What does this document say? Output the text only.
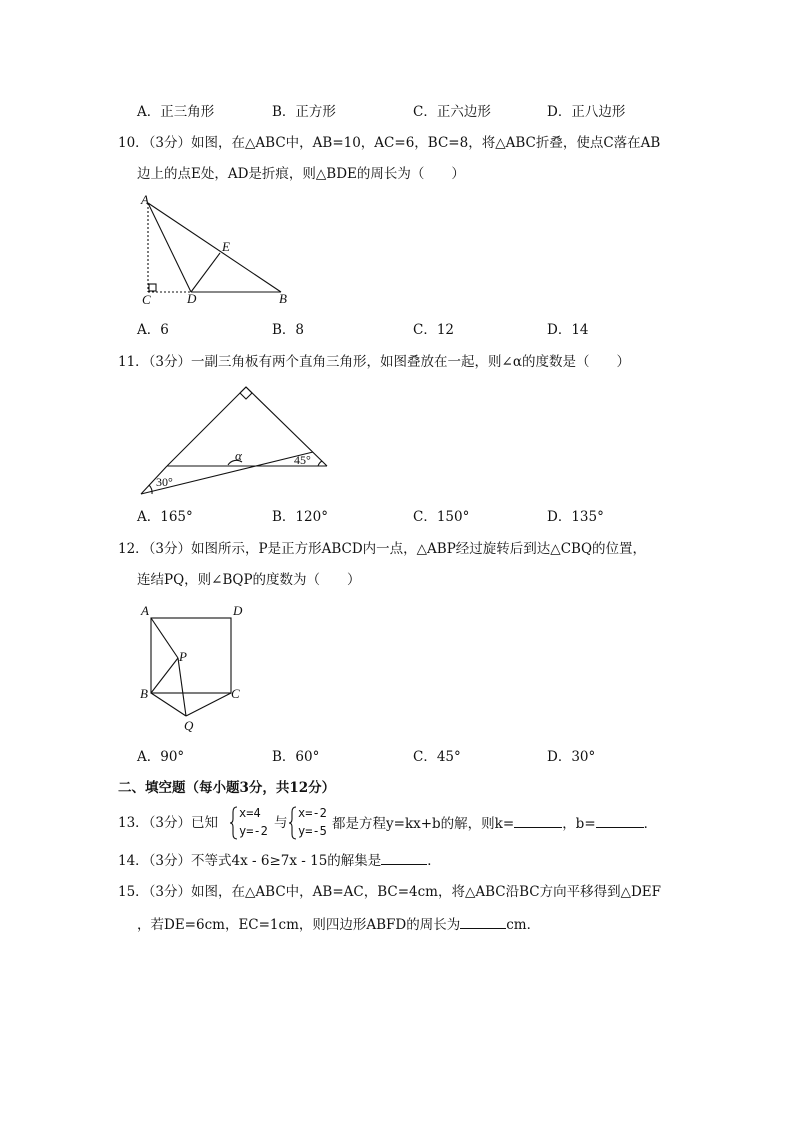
A．正三角形	B．正方形	C．正六边形	D．正八边形
10．（3分）如图，在△ABC中，AB=10，AC=6，BC=8，将△ABC折叠，使点C落在AB
边上的点E处，AD是折痕，则△BDE的周长为（　　）
A
C	D	B
E
A．6	B．8	C．12	D．14
11．（3分）一副三角板有两个直角三角形，如图叠放在一起，则∠α的度数是（　　）
α	45°
30°
A．165°	B．120°	C．150°	D．135°
12．（3分）如图所示，P是正方形ABCD内一点，△ABP经过旋转后到达△CBQ的位置，
连结PQ，则∠BQP的度数为（　　）
A	D
P
B	C
Q
A．90°	B．60°	C．45°	D．30°
二、填空题（每小题3分，共12分）
13．（3分）已知
x=4
y=-2 与
x=-2
y=-5 都是方程y=kx+b的解，则k=	，b=	．
14．（3分）不等式4x - 6≥7x - 15的解集是	．
15．（3分）如图，在△ABC中，AB=AC，BC=4cm，将△ABC沿BC方向平移得到△DEF
，若DE=6cm，EC=1cm，则四边形ABFD的周长为	cm．
